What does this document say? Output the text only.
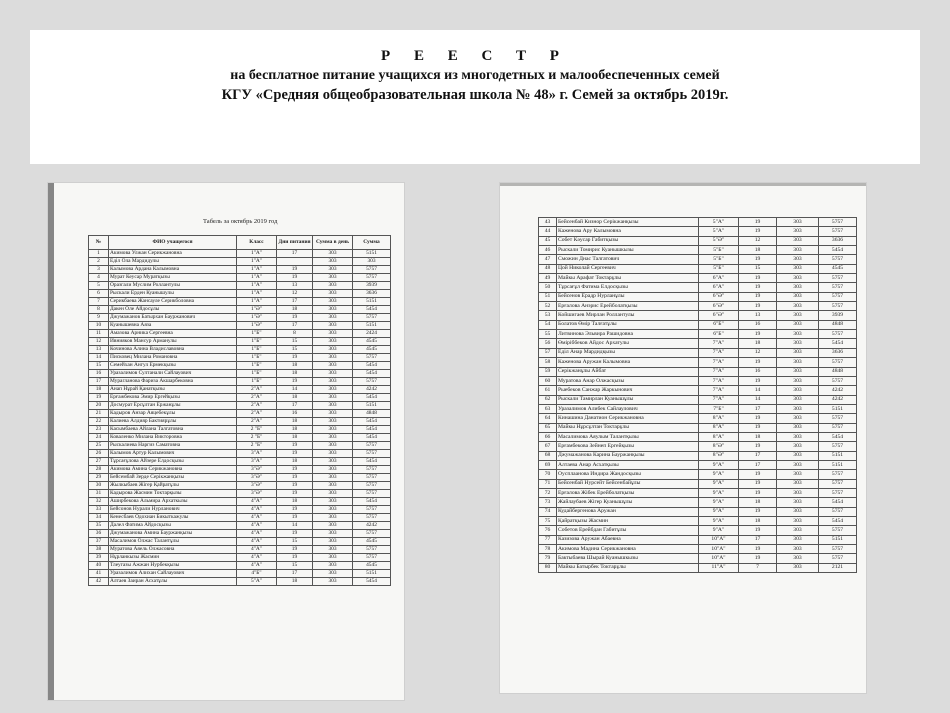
Р Е Е С Т Р
на бесплатное питание учащихся из многодетных и малообеспеченных семей
КГУ «Средняя общеобразовательная школа № 48» г. Семей за октябрь 2019г.
Табель за октябрь 2019 год
№	ФИО учащегося	Класс	Дни питания	Сумма в день	Сумма
1	Акимова Улжан Серикжановна	1"А"	17	303	5151
2	Едiл Ола Мардидулы	1"А"		303	303
3	Калымова Ардана Калымовна	1"А"	19	303	5757
4	Мурат Кеусар Муратқызы	1"А"	19	303	5757
5	Оразгали Муслим Роллантулы	1"А"	13	303	3939
6	Рыскали Ерден Куанышулы	1"А"	12	303	3636
7	Серикбаева Жансауле Серикболовна	1"А"	17	303	5151
8	Дакен Оле Айдосұлы	1"Ә"	18	303	5454
9	Джумажанов Батырхан Бауржанович	1"Ә"	19	303	5757
10	Куанышевна Аяза	1"Ә"	17	303	5151
11	Амазова Арника Сергеевна	1"Б"	8	303	2424
12	Ивнияков Мансур Арманулы	1"Б"	15	303	4545
13	Кочинова Алина Владиславовна	1"Б"	15	303	4545
14	Писковец Милана Романовна	1"Б"	19	303	5757
15	Семейхан Ангул Ермекқызы	1"Б"	18	303	5454
16	Уразалимов Султанали Сайлауович	1"Б"	18	303	5454
17	Мурагланова Фариза Акшарбековна	1"Б"	19	303	5757
18	Анап Нұрай Қанатқызы	2"А"	14	303	4242
19	Ерғажбекова Эмир Ергейқызы	2"А"	18	303	5454
20	Досмурат Ерсұлтан Ержанұлы	2"А"	17	303	5151
21	Кадыров Анзар Аяцебекұлы	2"А"	16	303	4848
22	Калиева Алдияр Бактиярұлы	2"А"	18	303	5454
23	Касымбаева Айлана Талгатовна	2 "Б"	18	303	5454
24	Коваленко Милана Викторовна	2 "Б"	18	303	5454
25	Рыскалиева Наргиз Саматовна	2 "Б"	19	303	5757
26	Калымов Артур Калымович	3"А"	19	303	5757
27	Тұрсағұлова Айзере Елдосқызы	3"А"	18	303	5454
28	Акимова Амина Серикжановна	3"Ә"	19	303	5757
29	Бейсембай Зерде Серікжанқызы	3"Ә"	19	303	5757
30	Жылкыбаев Жігер Қайратұлы	3"Ә"	19	303	5757
31	Кадырова Жасмин Токтарқызы	3"Ә"	19	303	5757
32	Аширбекова Альмира Архаткызы	4"А"	18	303	5454
33	Бейсонов Нурали Нурланович	4"А"	19	303	5757
34	Кенесбаев Одохиан Бикыткажулы	4"А"	19	303	5757
35	Далел Фатима Айдосқызы	4"А"	14	303	4242
36	Джумажанова Амина Бауржанқызы	4"А"	19	303	5757
37	Масалимов Олжас Талантұлы	4"А"	15	303	4545
38	Муратова Аяель Олжасовна	4"А"	19	303	5757
39	Нұрланкызы Жасмин	4"А"	19	303	5757
40	Тлеугазы Ажжан Нурбекқызы	4"А"	15	303	4545
41	Уразалимов Алихан Сайлауович	4"Б"	17	303	5151
42	Алтаев Заиран Асхатұлы	5"А"	18	303	5454
43	Бейсенбай Кизнор Серікжанқызы	5"А"	19	303	5757
44	Каженова Ару Калымовна	5"А"	19	303	5757
45	Собет Кәусар Габитқызы	5"Ә"	12	303	3636
46	Рыскали Томирис Куанышкызы	5"Б"	18	303	5454
47	Сможин Днас Талгатович	5"Б"	19	303	5757
48	Цой Николай Сергеевич	5"Б"	15	303	4545
49	Майкы Арафат Токтарұлы	6"А"	19	303	5757
50	Тұрсағұл Фатима Елдосқызы	6"А"	19	303	5757
51	Бейсенов Ерадр Нурланұлы	6"Ә"	19	303	5757
52	Ерғалова Анэрис Ерейболатқызы	6"Ә"	19	303	5757
53	Койшигаев Мирлан Роллантулы	6"Ә"	13	303	3939
54	Болатов Өмір Талғатұлы	6"Б"	16	303	4848
55	Литвинова Эльвира Рашидовна	6"Б"	19	303	5757
56	Өміріббеков Айдос Архатулы	7"А"	18	303	5454
57	Еділ Анар Мардидқызы	7"А"	12	303	3636
58	Каженова Аружан Калымовна	7"А"	19	303	5757
59	Серікжанұлы Айбат	7"А"	16	303	4848
60	Муратова Анар Олжасқызы	7"А"	19	303	5757
61	Рыебеков Санжар Жаркынович	7"А"	14	303	4242
62	Рыскали Тамирлан Куанышұлы	7"А"	14	303	4242
63	Уразалимов Алибек Сайлаулович	7"Б"	17	303	5151
64	Кинашина Данатион Серикжановна	8"А"	19	303	5757
65	Майкы Нұрсұлтан Токтарұлы	8"А"	19	303	5757
66	Масалимова Аяулым Талантқызы	8"А"	18	303	5454
67	Ерғамбекова Зейнеп Ергейқызы	8"Ә"	19	303	5757
68	Джумажанова Карина Бауржанқызы	8"Ә"	17	303	5151
69	Алтаева Анар Асхатқызы	9"А"	17	303	5151
70	Оусплаанова Индира Жандосқызы	9"А"	19	303	5757
71	Бейсенбай Нурсейт Бейсенбайұлы	9"А"	19	303	5757
72	Ерғалова Жібек Ерейболатқызы	9"А"	19	303	5757
73	Жайлаубаев Жігер Куанышұлы	9"А"	18	303	5454
74	Кудайбергенова Аружан	9"А"	19	303	5757
75	Қайратқызы Жасмин	9"А"	18	303	5454
76	Собетов Ерейбдан Габитұлы	9"А"	19	303	5757
77	Казизова Аружан Абаевна	10"А"	17	303	5151
78	Акимова Мадина Серикжановна	10"А"	19	303	5757
79	Бактыбаева Шырай Куанышкызы	10"А"	19	303	5757
80	Майкы Батырбек Токтарұлы	11"А"	7	303	2121
